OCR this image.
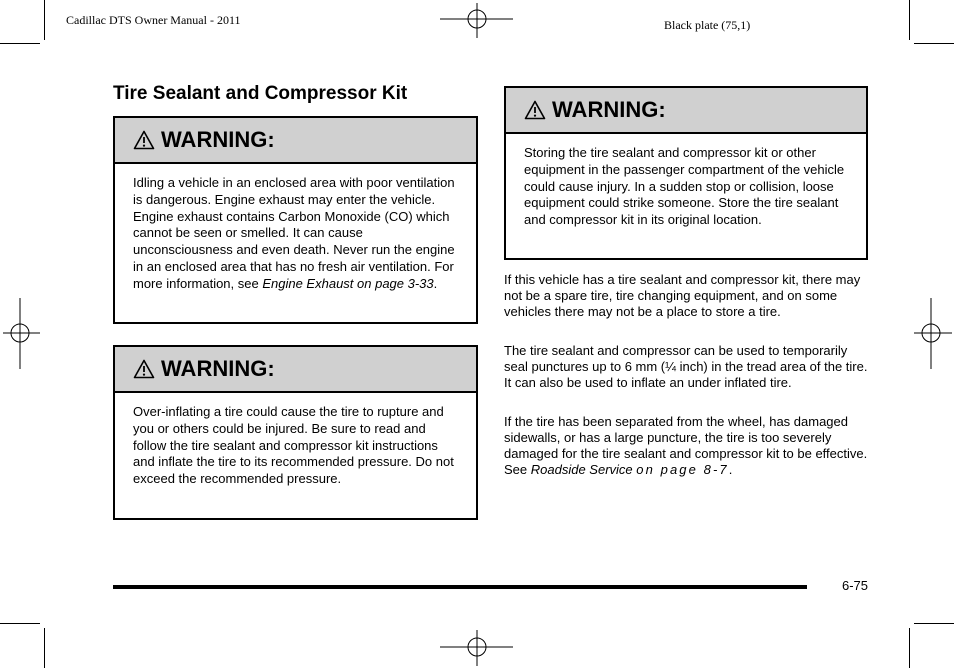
Cadillac DTS Owner Manual - 2011	Black plate (75,1)
Tire Sealant and Compressor Kit
WARNING:
Idling a vehicle in an enclosed area with poor ventilation is dangerous. Engine exhaust may enter the vehicle. Engine exhaust contains Carbon Monoxide (CO) which cannot be seen or smelled. It can cause unconsciousness and even death. Never run the engine in an enclosed area that has no fresh air ventilation. For more information, see Engine Exhaust on page 3-33.
WARNING:
Over-inflating a tire could cause the tire to rupture and you or others could be injured. Be sure to read and follow the tire sealant and compressor kit instructions and inflate the tire to its recommended pressure. Do not exceed the recommended pressure.
WARNING:
Storing the tire sealant and compressor kit or other equipment in the passenger compartment of the vehicle could cause injury. In a sudden stop or collision, loose equipment could strike someone. Store the tire sealant and compressor kit in its original location.
If this vehicle has a tire sealant and compressor kit, there may not be a spare tire, tire changing equipment, and on some vehicles there may not be a place to store a tire.
The tire sealant and compressor can be used to temporarily seal punctures up to 6 mm (¼ inch) in the tread area of the tire. It can also be used to inflate an under inflated tire.
If the tire has been separated from the wheel, has damaged sidewalls, or has a large puncture, the tire is too severely damaged for the tire sealant and compressor kit to be effective. See Roadside Service on page 8-7.
6-75
